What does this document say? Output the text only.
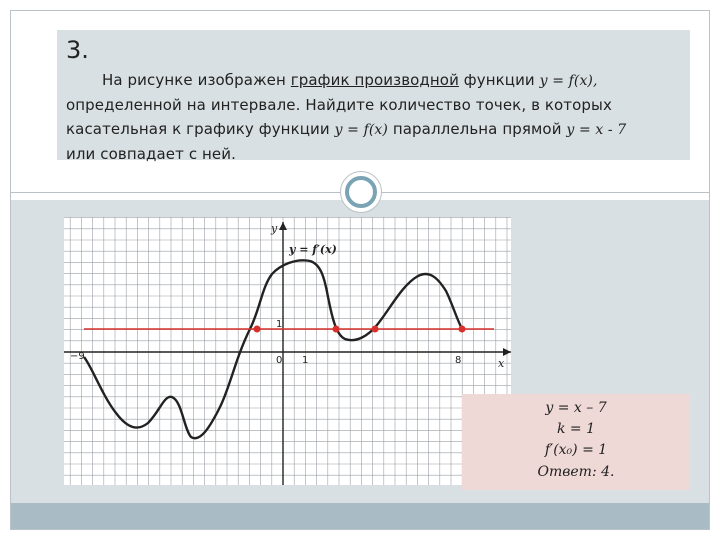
3.
На рисунке изображен график производной функции y = f(x),
определенной на интервале. Найдите количество точек, в которых
касательная к графику функции y = f(x) параллельна прямой y = x - 7
или совпадает с ней.
y
x
y = f′(x)
0 1
1
−9	8
y = x – 7
k = 1
f′(x₀) = 1
Ответ: 4.
